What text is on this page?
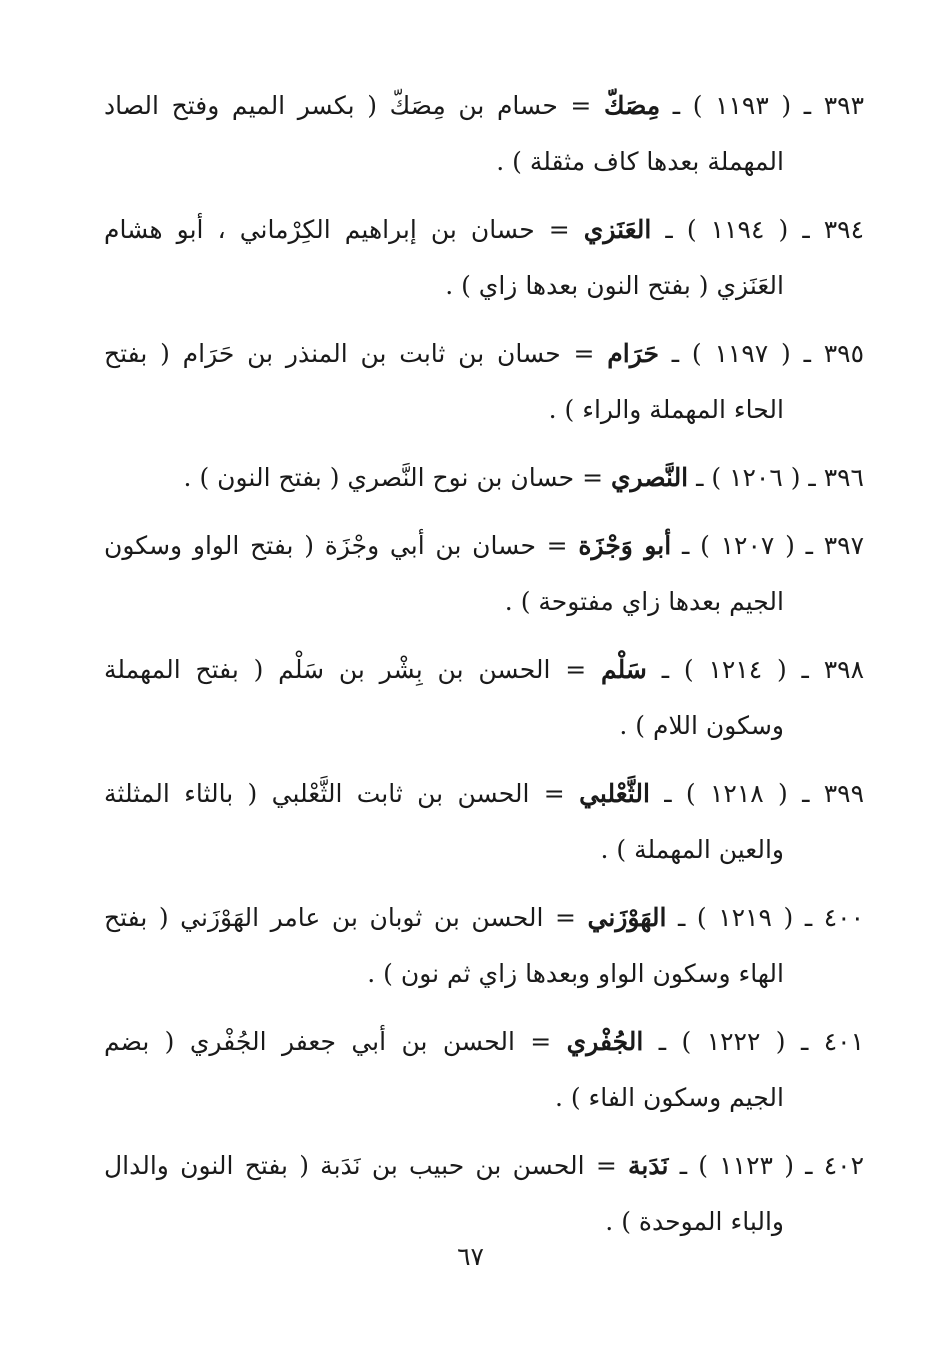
٣٩٣ ـ ( ١١٩٣ ) ـ مِصَكّ = حسام بن مِصَكّ ( بكسر الميم وفتح الصاد
المهملة بعدها كاف مثقلة ) .
٣٩٤ ـ ( ١١٩٤ ) ـ العَنَزي = حسان بن إبراهيم الكِرْماني ، أبو هشام
العَنَزي ( بفتح النون بعدها زاي ) .
٣٩٥ ـ ( ١١٩٧ ) ـ حَرَام = حسان بن ثابت بن المنذر بن حَرَام ( بفتح
الحاء المهملة والراء ) .
٣٩٦ ـ ( ١٢٠٦ ) ـ النَّصري = حسان بن نوح النَّصري ( بفتح النون ) .
٣٩٧ ـ ( ١٢٠٧ ) ـ أبو وَجْزَة = حسان بن أبي وجْزَة ( بفتح الواو وسكون
الجيم بعدها زاي مفتوحة ) .
٣٩٨ ـ ( ١٢١٤ ) ـ سَلْم = الحسن بن بِشْر بن سَلْم ( بفتح المهملة
وسكون اللام ) .
٣٩٩ ـ ( ١٢١٨ ) ـ الثَّعْلبي = الحسن بن ثابت الثَّعْلبي ( بالثاء المثلثة
والعين المهملة ) .
٤٠٠ ـ ( ١٢١٩ ) ـ الهَوْزَني = الحسن بن ثوبان بن عامر الهَوْزَني ( بفتح
الهاء وسكون الواو وبعدها زاي ثم نون ) .
٤٠١ ـ ( ١٢٢٢ ) ـ الجُفْري = الحسن بن أبي جعفر الجُفْري ( بضم
الجيم وسكون الفاء ) .
٤٠٢ ـ ( ١١٢٣ ) ـ نَدَبة = الحسن بن حبيب بن نَدَبة ( بفتح النون والدال
والباء الموحدة ) .
٦٧
